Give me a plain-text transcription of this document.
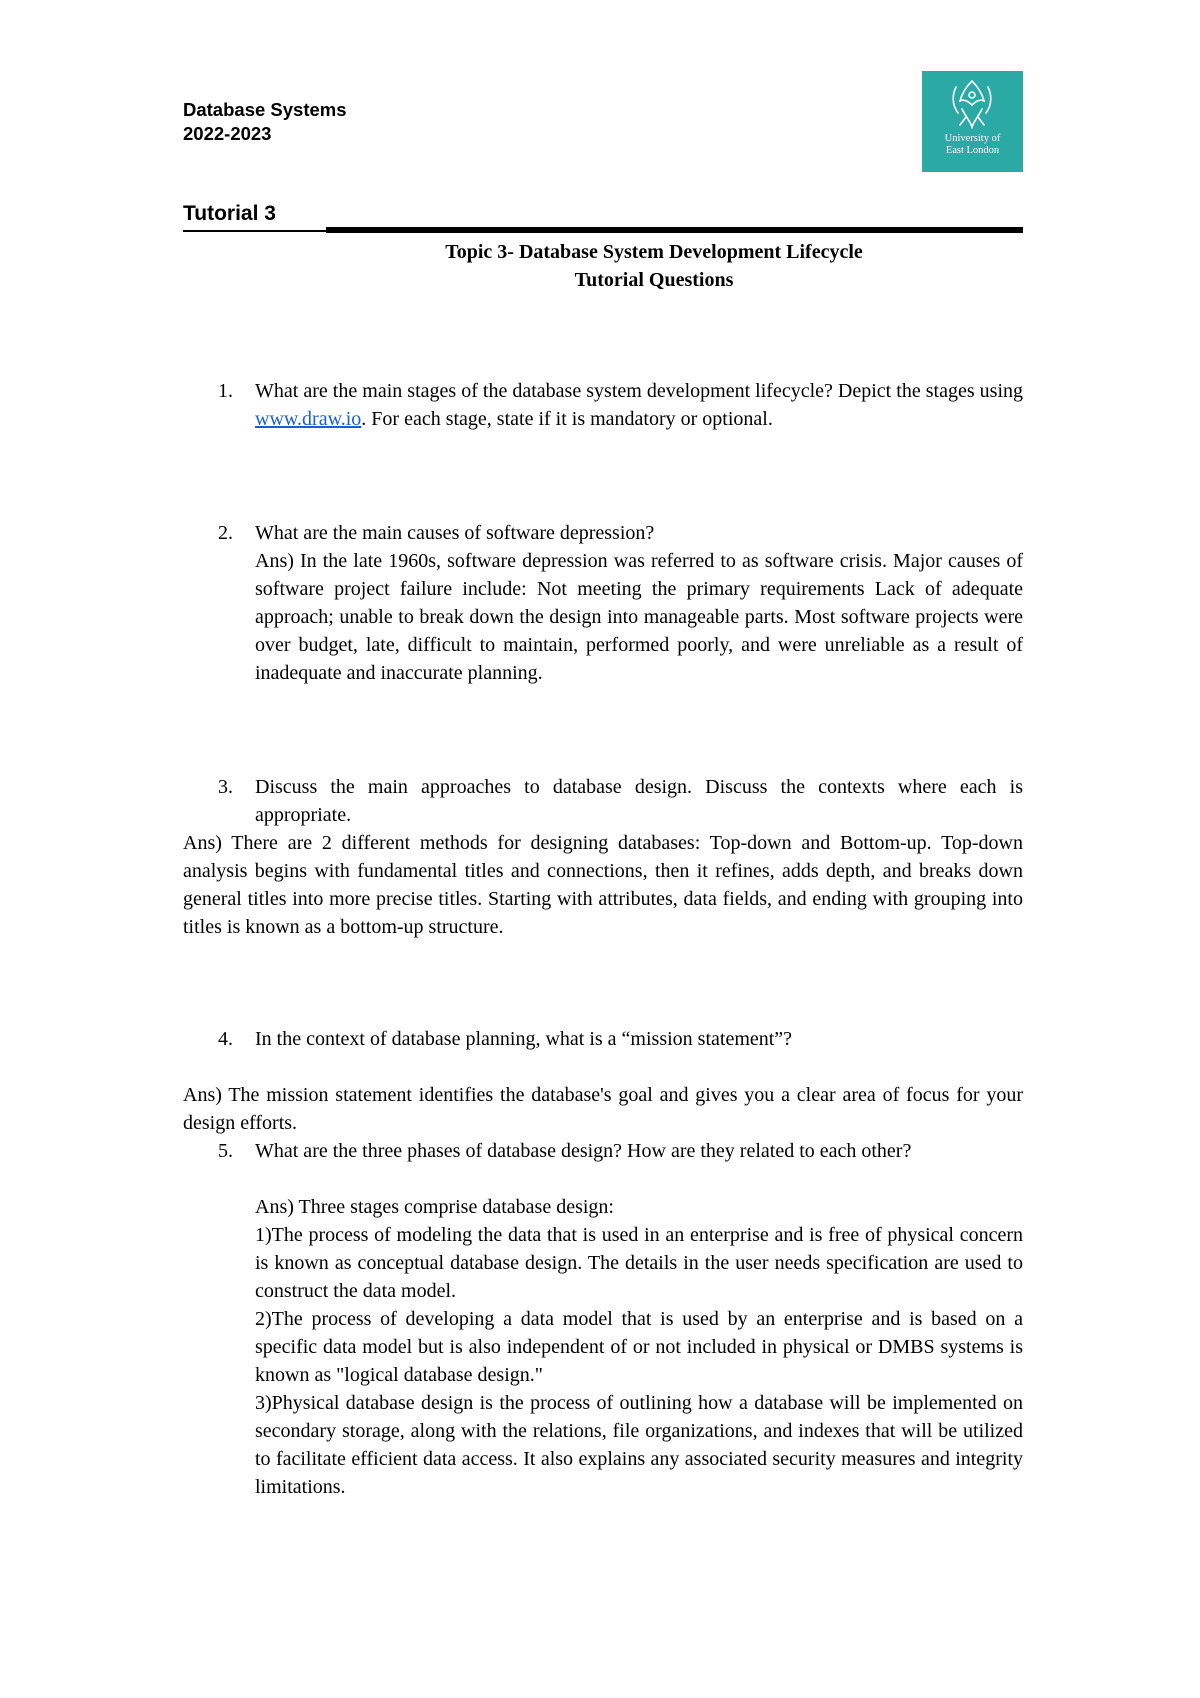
Database Systems
2022-2023	University of
East London
Tutorial 3
Topic 3- Database System Development Lifecycle
Tutorial Questions
1.	What are the main stages of the database system development lifecycle? Depict the stages using www.draw.io. For each stage, state if it is mandatory or optional.

2.	What are the main causes of software depression?

Ans) In the late 1960s, software depression was referred to as software crisis. Major causes of software project failure include: Not meeting the primary requirements Lack of adequate approach; unable to break down the design into manageable parts. Most software projects were over budget, late, difficult to maintain, performed poorly, and were unreliable as a result of inadequate and inaccurate planning.

3.	Discuss the main approaches to database design. Discuss the contexts where each is appropriate.

Ans) There are 2 different methods for designing databases: Top-down and Bottom-up. Top-down analysis begins with fundamental titles and connections, then it refines, adds depth, and breaks down general titles into more precise titles. Starting with attributes, data fields, and ending with grouping into titles is known as a bottom-up structure.

4.	In the context of database planning, what is a “mission statement”?

Ans) The mission statement identifies the database's goal and gives you a clear area of focus for your design efforts.

5.	What are the three phases of database design? How are they related to each other?

Ans) Three stages comprise database design:

1)The process of modeling the data that is used in an enterprise and is free of physical concern is known as conceptual database design. The details in the user needs specification are used to construct the data model.

2)The process of developing a data model that is used by an enterprise and is based on a specific data model but is also independent of or not included in physical or DMBS systems is known as "logical database design."

3)Physical database design is the process of outlining how a database will be implemented on secondary storage, along with the relations, file organizations, and indexes that will be utilized to facilitate efficient data access. It also explains any associated security measures and integrity limitations.
